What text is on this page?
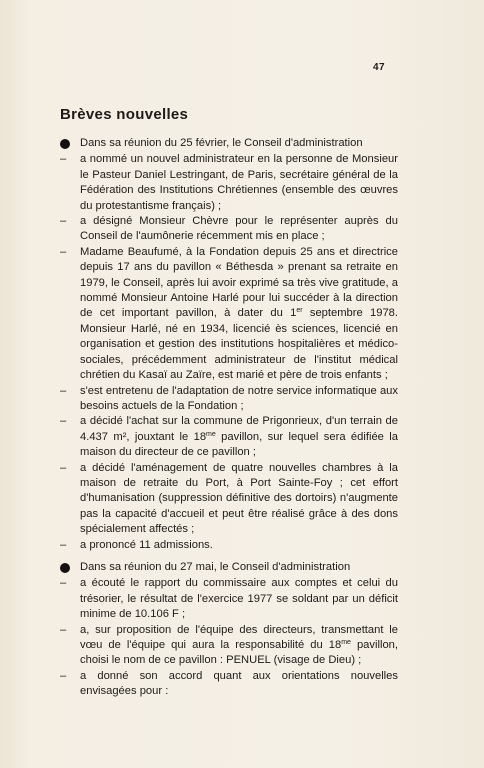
47
Brèves nouvelles

Dans sa réunion du 25 février, le Conseil d'administration

–	a nommé un nouvel administrateur en la personne de Monsieur le Pasteur Daniel Lestringant, de Paris, secrétaire général de la Fédération des Institutions Chrétiennes (ensemble des œuvres du protestantisme français) ;

–	a désigné Monsieur Chèvre pour le représenter auprès du Conseil de l'aumônerie récemment mis en place ;

–	Madame Beaufumé, à la Fondation depuis 25 ans et directrice depuis 17 ans du pavillon « Béthesda » prenant sa retraite en 1979, le Conseil, après lui avoir exprimé sa très vive gratitude, a nommé Monsieur Antoine Harlé pour lui succéder à la direction de cet important pavillon, à dater du 1er septembre 1978. Monsieur Harlé, né en 1934, licencié ès sciences, licencié en organisation et gestion des institutions hospitalières et médico-sociales, précédemment administrateur de l'institut médical chrétien du Kasaï au Zaïre, est marié et père de trois enfants ;

–	s'est entretenu de l'adaptation de notre service informatique aux besoins actuels de la Fondation ;

–	a décidé l'achat sur la commune de Prigonrieux, d'un terrain de 4.437 m², jouxtant le $18^{me}$ pavillon, sur lequel sera édifiée la maison du directeur de ce pavillon ;

–	a décidé l'aménagement de quatre nouvelles chambres à la maison de retraite du Port, à Port Sainte-Foy ; cet effort d'humanisation (suppression définitive des dortoirs) n'augmente pas la capacité d'accueil et peut être réalisé grâce à des dons spécialement affectés ;

–	a prononcé 11 admissions.

Dans sa réunion du 27 mai, le Conseil d'administration

–	a écouté le rapport du commissaire aux comptes et celui du trésorier, le résultat de l'exercice 1977 se soldant par un déficit minime de 10.106 F ;

–	a, sur proposition de l'équipe des directeurs, transmettant le vœu de l'équipe qui aura la responsabilité du $18^{me}$ pavillon, choisi le nom de ce pavillon : PENUEL (visage de Dieu) ;

–	a donné son accord quant aux orientations nouvelles envisagées pour :
